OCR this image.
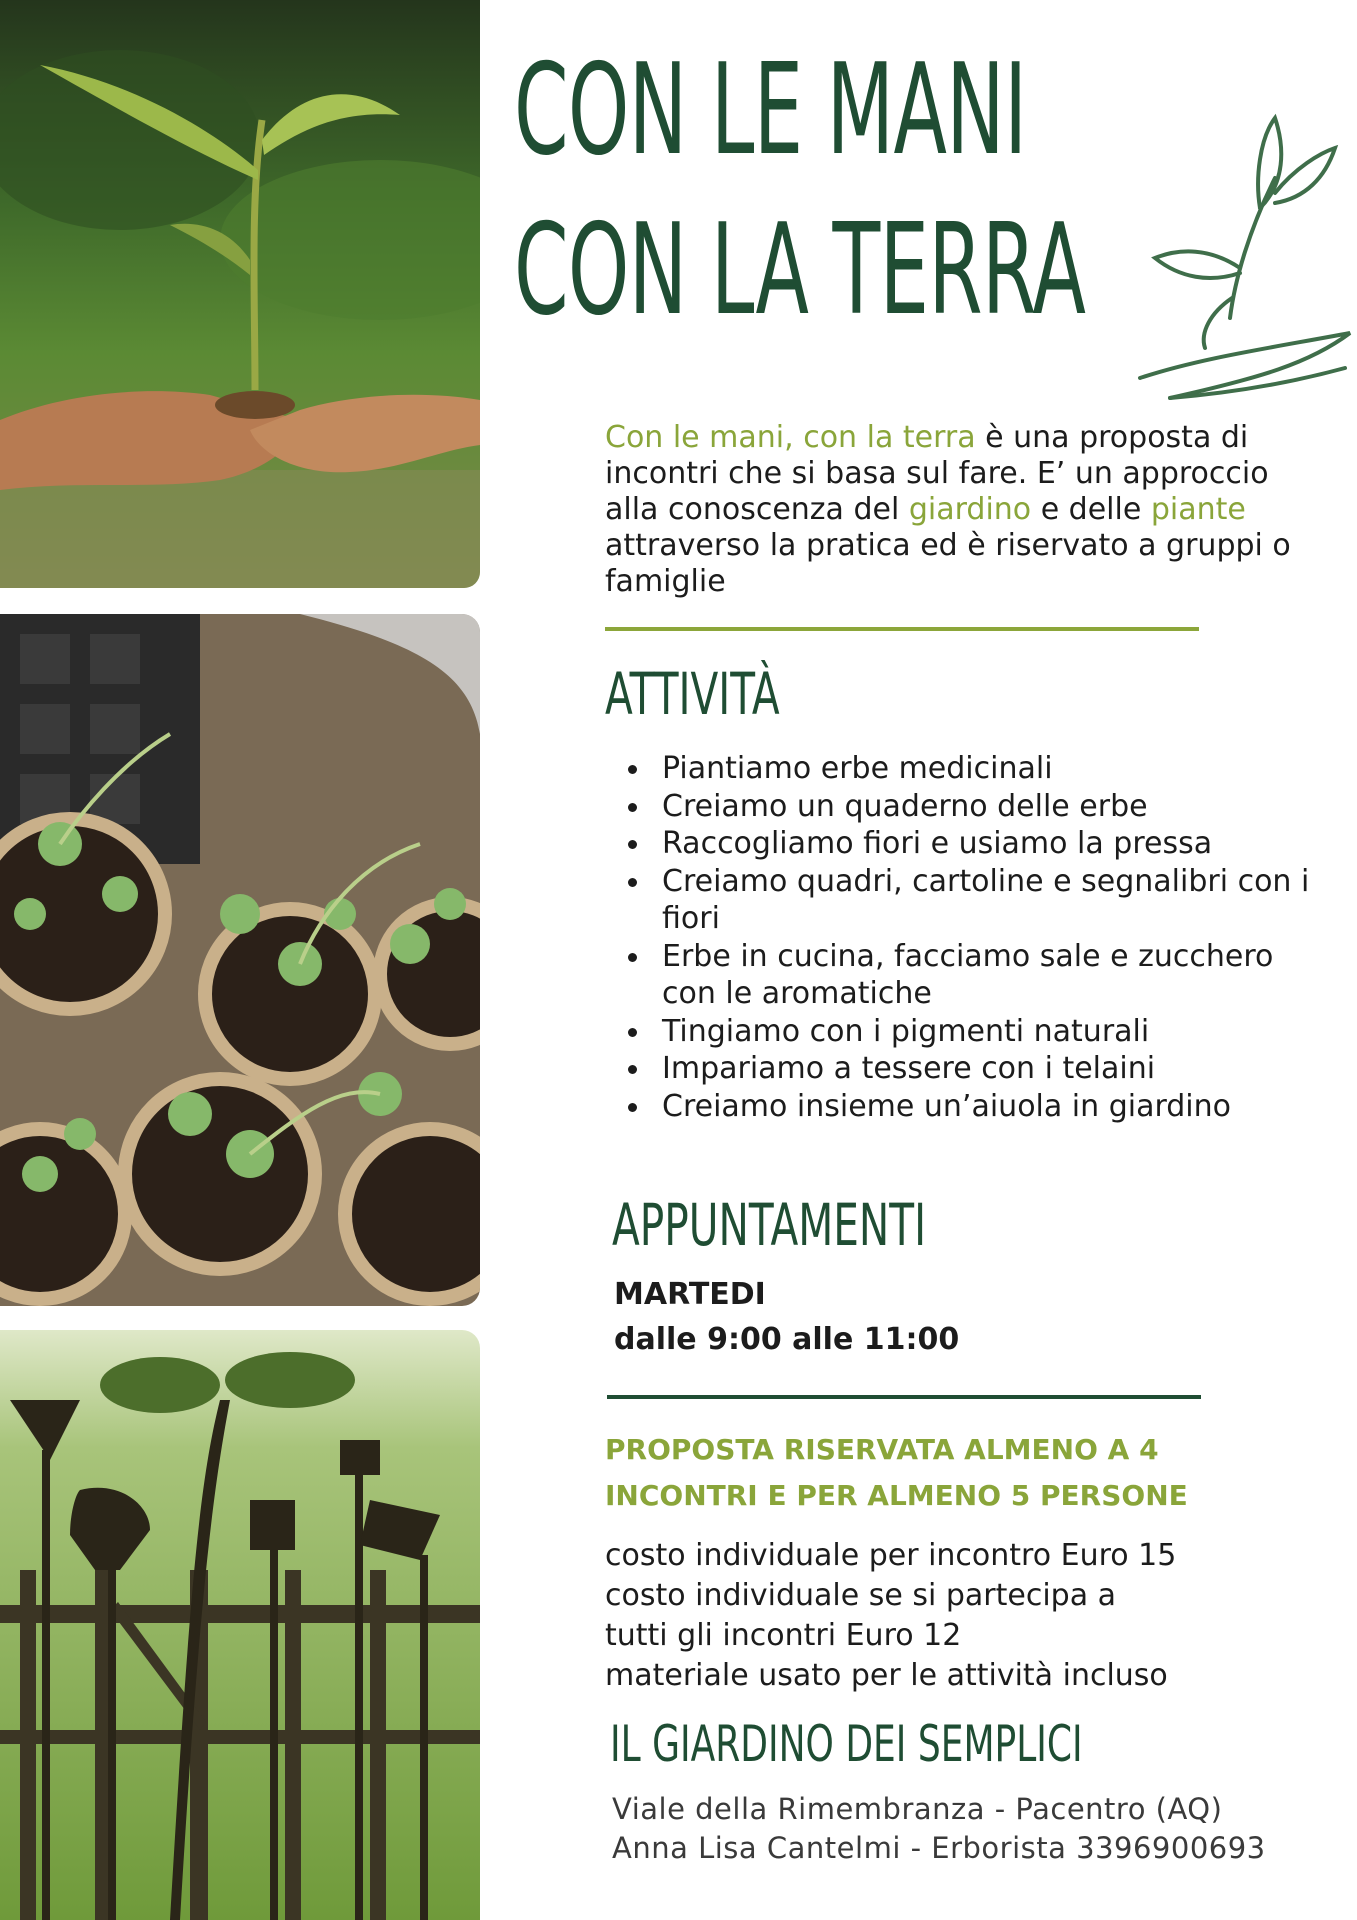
CON LE MANI
CON LA TERRA

Con le mani, con la terra è una proposta di incontri che si basa sul fare. E’ un approccio alla conoscenza del giardino e delle piante attraverso la pratica ed è riservato a gruppi o famiglie

ATTIVITÀ
Piantiamo erbe medicinali
Creiamo un quaderno delle erbe
Raccogliamo fiori e usiamo la pressa
Creiamo quadri, cartoline e segnalibri con i fiori
Erbe in cucina, facciamo sale e zucchero con le aromatiche
Tingiamo con i pigmenti naturali
Impariamo a tessere con i telaini
Creiamo insieme un’aiuola in giardino
APPUNTAMENTI

MARTEDI

dalle 9:00 alle 11:00

PROPOSTA RISERVATA ALMENO A 4 INCONTRI E PER ALMENO 5 PERSONE

costo individuale per incontro Euro 15
costo individuale se si partecipa a
tutti gli incontri Euro 12
materiale usato per le attività incluso
IL GIARDINO DEI SEMPLICI
Viale della Rimembranza - Pacentro (AQ)
Anna Lisa Cantelmi - Erborista 3396900693
